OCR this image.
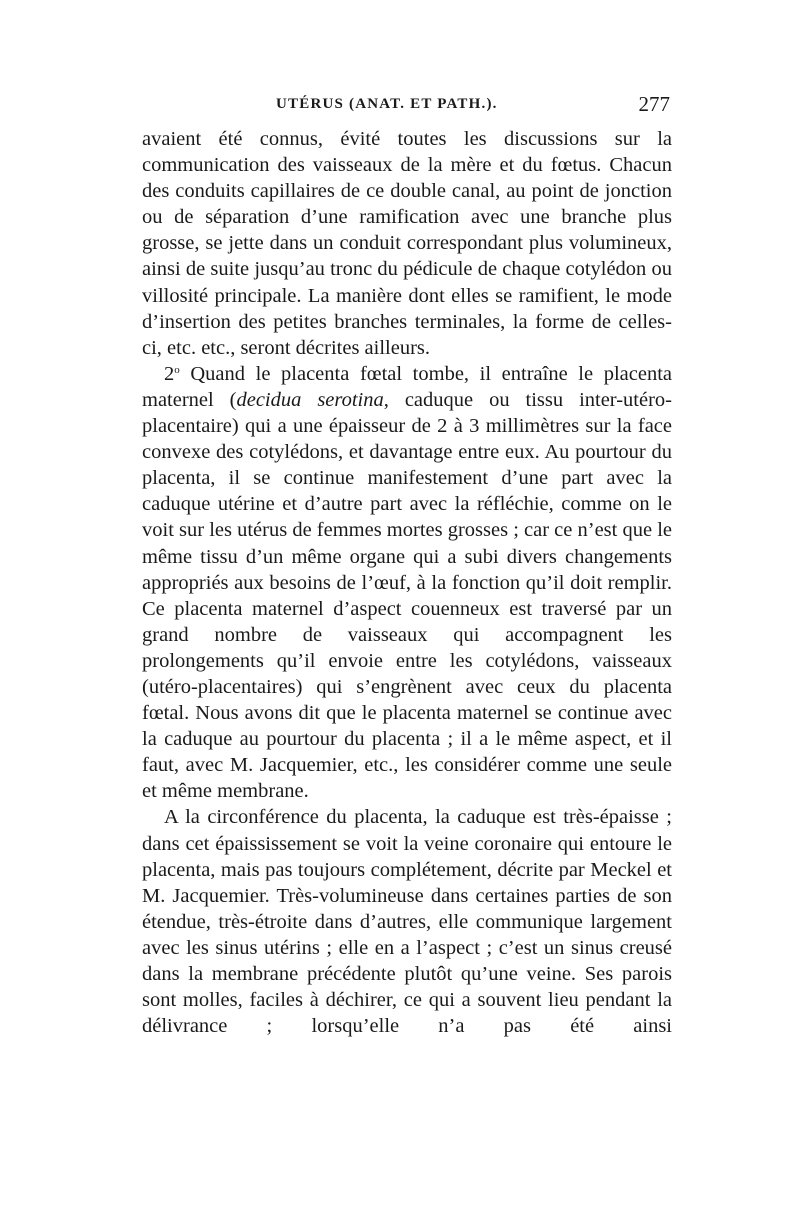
UTÉRUS (ANAT. ET PATH.).	277

avaient été connus, évité toutes les discussions sur la communication des vaisseaux de la mère et du fœtus. Chacun des conduits capillaires de ce double canal, au point de jonction ou de séparation d’une ramification avec une branche plus grosse, se jette dans un conduit correspondant plus volumineux, ainsi de suite jusqu’au tronc du pédicule de chaque cotylédon ou villosité principale. La manière dont elles se ramifient, le mode d’insertion des petites branches terminales, la forme de celles-ci, etc. etc., seront décrites ailleurs.

2$^o$ Quand le placenta fœtal tombe, il entraîne le placenta maternel (decidua serotina, caduque ou tissu inter-utéro-placentaire) qui a une épaisseur de 2 à 3 millimètres sur la face convexe des cotylédons, et davantage entre eux. Au pourtour du placenta, il se continue manifestement d’une part avec la caduque utérine et d’autre part avec la réfléchie, comme on le voit sur les utérus de femmes mortes grosses ; car ce n’est que le même tissu d’un même organe qui a subi divers changements appropriés aux besoins de l’œuf, à la fonction qu’il doit remplir. Ce placenta maternel d’aspect couenneux est traversé par un grand nombre de vaisseaux qui accompagnent les prolongements qu’il envoie entre les cotylédons, vaisseaux (utéro-placentaires) qui s’engrènent avec ceux du placenta fœtal. Nous avons dit que le placenta maternel se continue avec la caduque au pourtour du placenta ; il a le même aspect, et il faut, avec M. Jacquemier, etc., les considérer comme une seule et même membrane.

A la circonférence du placenta, la caduque est très-épaisse ; dans cet épaississement se voit la veine coronaire qui entoure le placenta, mais pas toujours complétement, décrite par Meckel et M. Jacquemier. Très-volumineuse dans certaines parties de son étendue, très-étroite dans d’autres, elle communique largement avec les sinus utérins ; elle en a l’aspect ; c’est un sinus creusé dans la membrane précédente plutôt qu’une veine. Ses parois sont molles, faciles à déchirer, ce qui a souvent lieu pendant la délivrance ; lorsqu’elle n’a pas été ainsi
